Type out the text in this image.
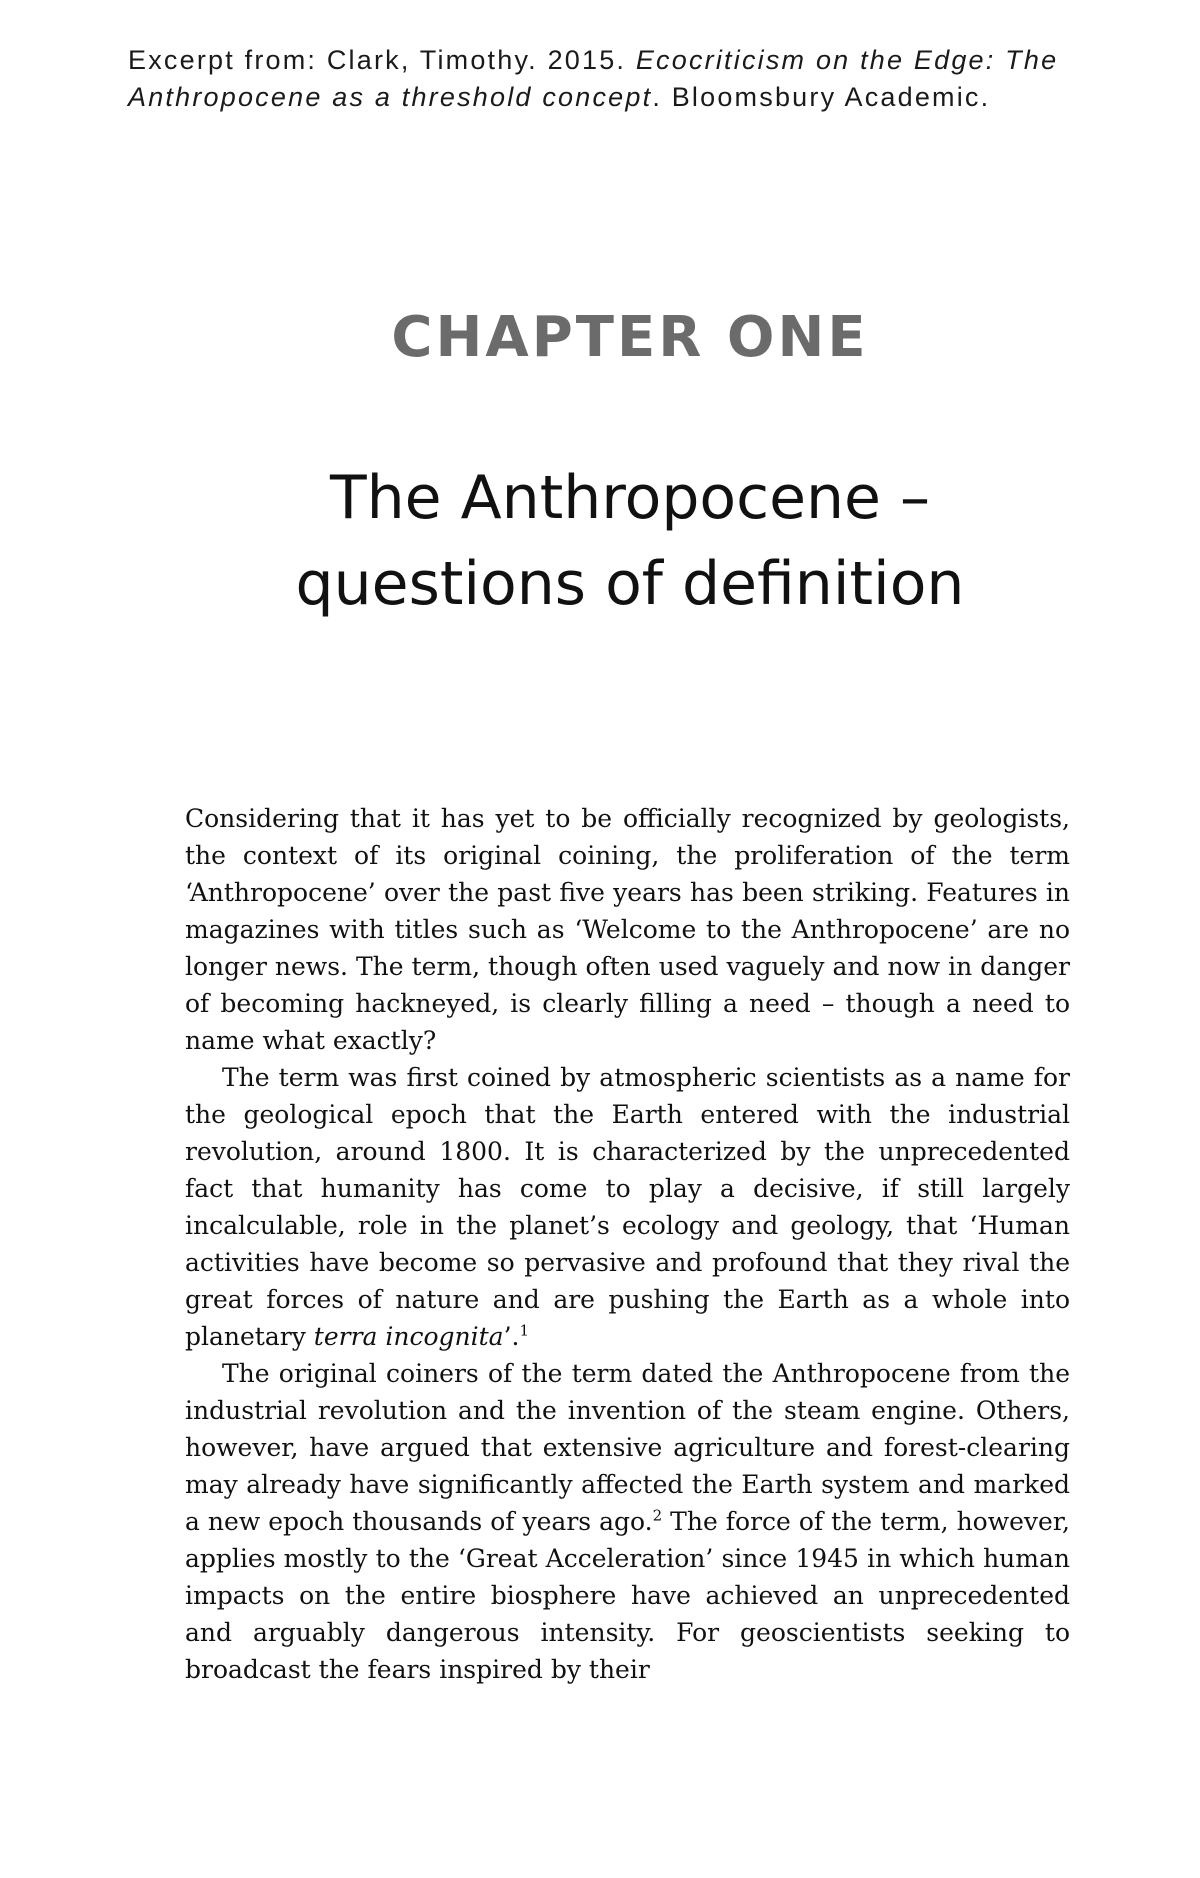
Excerpt from: Clark, Timothy. 2015. Ecocriticism on the Edge: The Anthropocene as a threshold concept. Bloomsbury Academic.
CHAPTER ONE
The Anthropocene –
questions of definition

Considering that it has yet to be officially recognized by geologists, the context of its original coining, the proliferation of the term ‘Anthropocene’ over the past five years has been striking. Features in magazines with titles such as ‘Welcome to the Anthropocene’ are no longer news. The term, though often used vaguely and now in danger of becoming hackneyed, is clearly filling a need – though a need to name what exactly?

The term was first coined by atmospheric scientists as a name for the geological epoch that the Earth entered with the industrial revolution, around 1800. It is characterized by the unprecedented fact that humanity has come to play a decisive, if still largely incalculable, role in the planet’s ecology and geology, that ‘Human activities have become so pervasive and profound that they rival the great forces of nature and are pushing the Earth as a whole into planetary terra incognita’.$^1$

The original coiners of the term dated the Anthropocene from the industrial revolution and the invention of the steam engine. Others, however, have argued that extensive agriculture and forest-clearing may already have significantly affected the Earth system and marked a new epoch thousands of years ago.$^2$ The force of the term, however, applies mostly to the ‘Great Acceleration’ since 1945 in which human impacts on the entire biosphere have achieved an unprecedented and arguably dangerous intensity. For geoscientists seeking to broadcast the fears inspired by their
